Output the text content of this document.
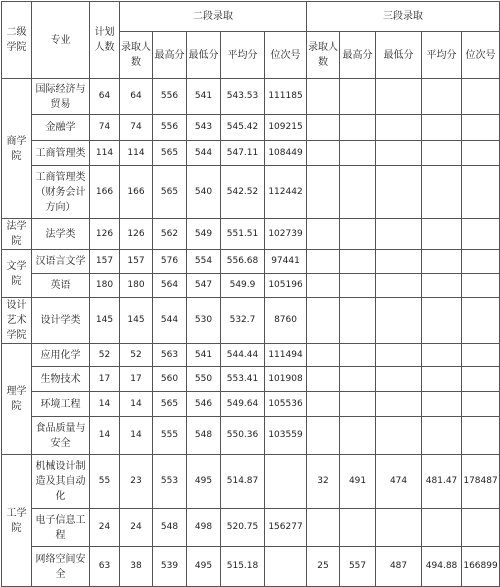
二级学院	专业	计划人数	二段录取					三段录取				
			录取人数	最高分	最低分	平均分	位次号	录取人数	最高分	最低分	平均分	位次号
商学院	国际经济与贸易	64	64	556	541	543.53	111185					
	金融学	74	74	556	543	545.42	109215					
	工商管理类	114	114	565	544	547.11	108449					
	工商管理类（财务会计方向）	166	166	565	540	542.52	112442					
法学院	法学类	126	126	562	549	551.51	102739					
文学院	汉语言文学	157	157	576	554	556.68	97441					
	英语	180	180	564	547	549.9	105196					
设计艺术学院	设计学类	145	145	544	530	532.7	8760					
理学院	应用化学	52	52	563	541	544.44	111494					
	生物技术	17	17	560	550	553.41	101908					
	环境工程	14	14	565	546	549.64	105536					
	食品质量与安全	14	14	555	548	550.36	103559					
工学院	机械设计制造及其自动化	55	23	553	495	514.87		32	491	474	481.47	178487
	电子信息工程	24	24	548	498	520.75	156277					
	网络空间安全	63	38	539	495	515.18		25	557	487	494.88	166899
